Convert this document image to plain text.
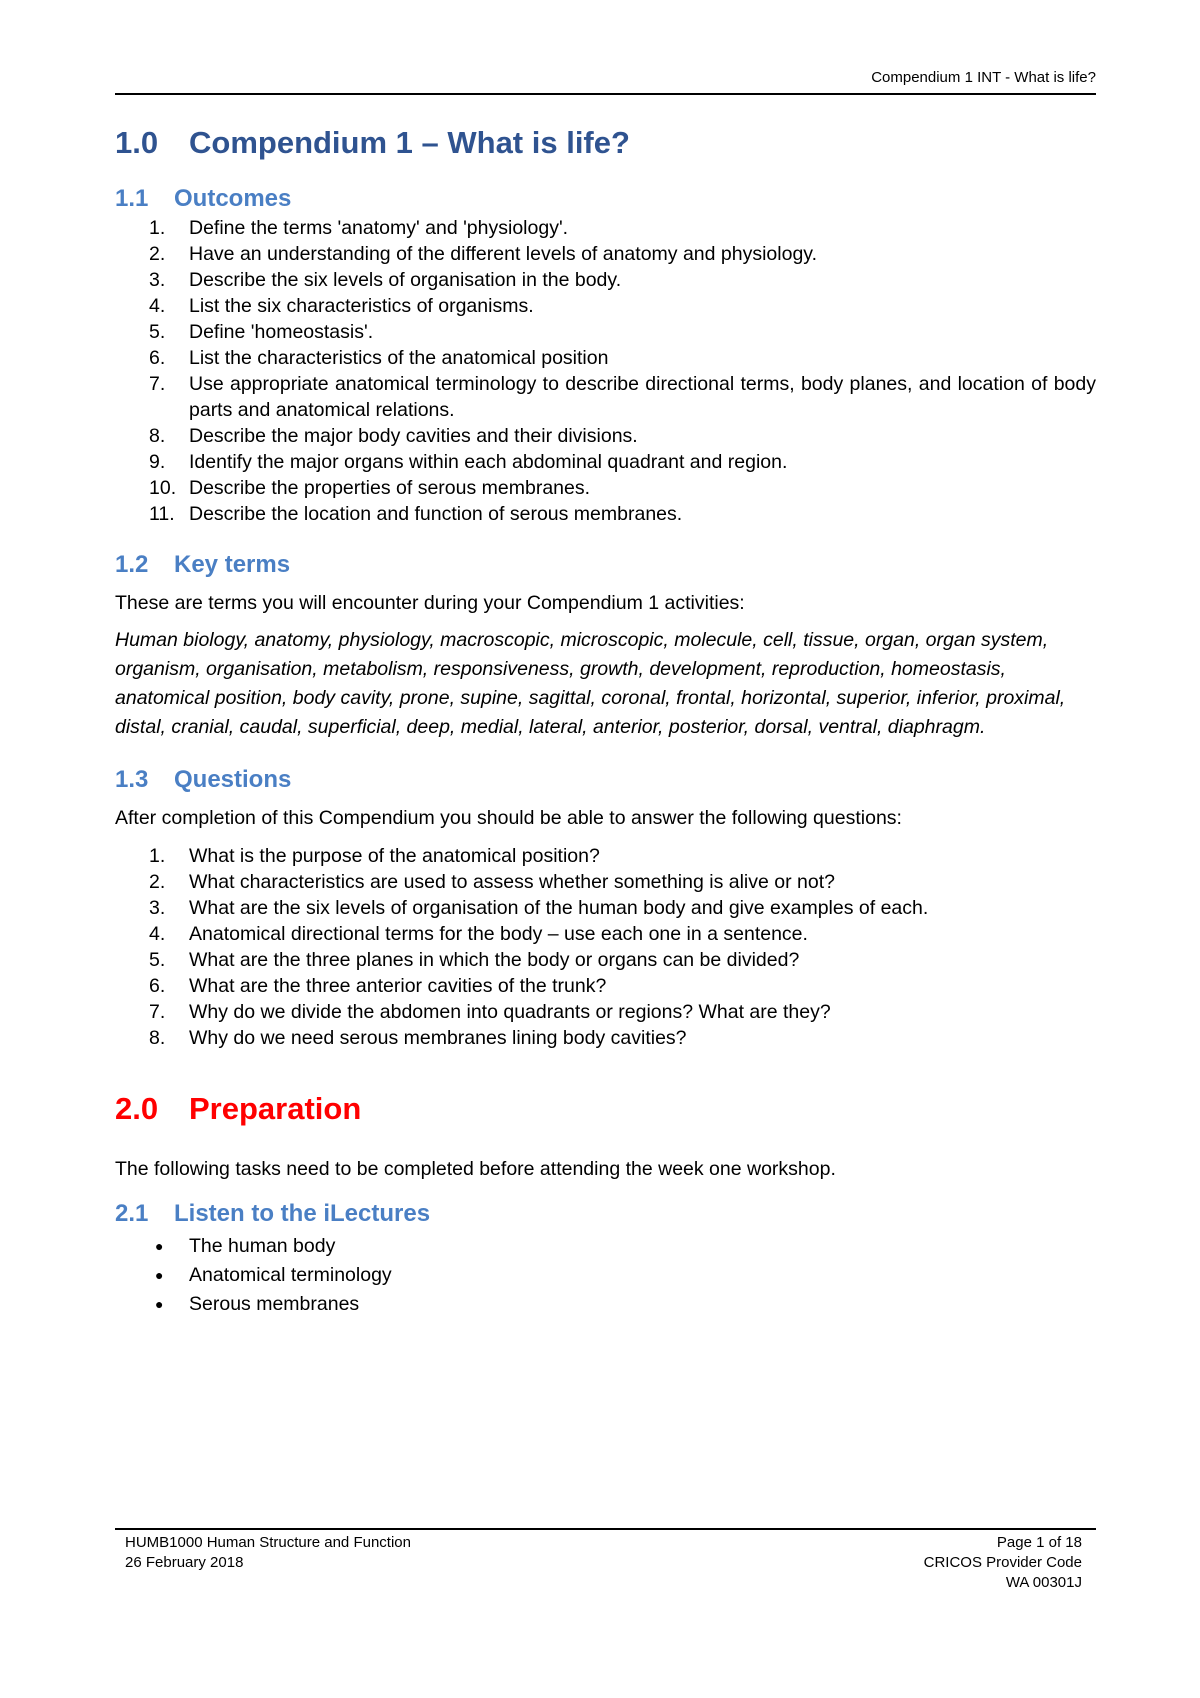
Compendium 1 INT - What is life?
1.0 Compendium 1 – What is life?
1.1	Outcomes
1.	Define the terms 'anatomy' and 'physiology'.
2.	Have an understanding of the different levels of anatomy and physiology.
3.	Describe the six levels of organisation in the body.
4.	List the six characteristics of organisms.
5.	Define 'homeostasis'.
6.	List the characteristics of the anatomical position
7.	Use appropriate anatomical terminology to describe directional terms, body planes, and location of body parts and anatomical relations.
8.	Describe the major body cavities and their divisions.
9.	Identify the major organs within each abdominal quadrant and region.
10. Describe the properties of serous membranes.
11. Describe the location and function of serous membranes.
1.2	Key terms

These are terms you will encounter during your Compendium 1 activities:

Human biology, anatomy, physiology, macroscopic, microscopic, molecule, cell, tissue, organ, organ system, organism, organisation, metabolism, responsiveness, growth, development, reproduction, homeostasis, anatomical position, body cavity, prone, supine, sagittal, coronal, frontal, horizontal, superior, inferior, proximal, distal, cranial, caudal, superficial, deep, medial, lateral, anterior, posterior, dorsal, ventral, diaphragm.

1.3	Questions

After completion of this Compendium you should be able to answer the following questions:

1.	What is the purpose of the anatomical position?
2.	What characteristics are used to assess whether something is alive or not?
3.	What are the six levels of organisation of the human body and give examples of each.
4.	Anatomical directional terms for the body – use each one in a sentence.
5.	What are the three planes in which the body or organs can be divided?
6.	What are the three anterior cavities of the trunk?
7.	Why do we divide the abdomen into quadrants or regions? What are they?
8.	Why do we need serous membranes lining body cavities?
2.0 Preparation

The following tasks need to be completed before attending the week one workshop.

2.1	Listen to the iLectures
● The human body
● Anatomical terminology
● Serous membranes
HUMB1000 Human Structure and Function
26 February 2018
Page 1 of 18
CRICOS Provider Code
WA 00301J
